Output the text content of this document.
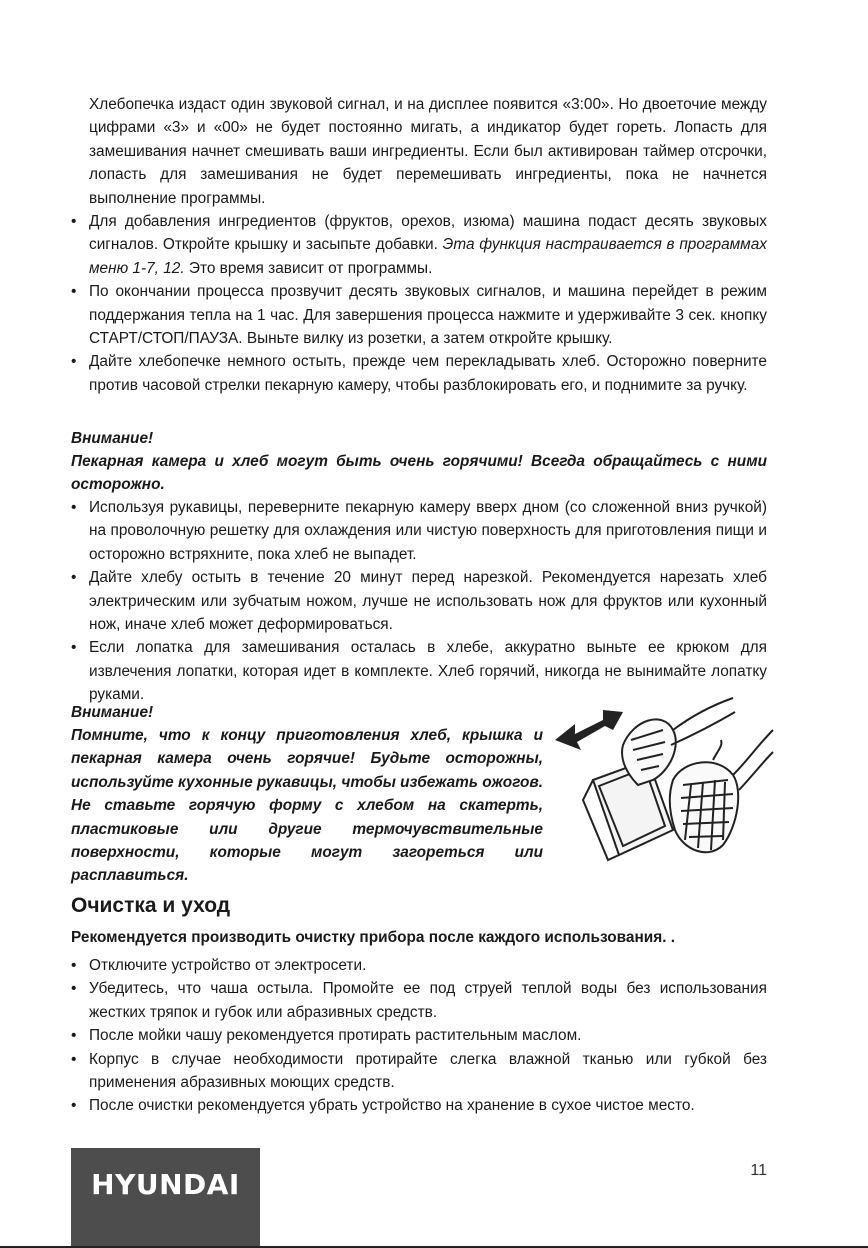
Хлебопечка издаст один звуковой сигнал, и на дисплее появится «3:00». Но двоеточие между цифрами «3» и «00» не будет постоянно мигать, а индикатор будет гореть. Лопасть для замешивания начнет смешивать ваши ингредиенты. Если был активирован таймер отсрочки, лопасть для замешивания не будет перемешивать ингредиенты, пока не начнется выполнение программы.

• Для добавления ингредиентов (фруктов, орехов, изюма) машина подаст десять звуковых сигналов. Откройте крышку и засыпьте добавки. Эта функция настраивается в программах меню 1-7, 12. Это время зависит от программы.
• По окончании процесса прозвучит десять звуковых сигналов, и машина перейдет в режим поддержания тепла на 1 час. Для завершения процесса нажмите и удерживайте 3 сек. кнопку СТАРТ/СТОП/ПАУЗА. Выньте вилку из розетки, а затем откройте крышку.
• Дайте хлебопечке немного остыть, прежде чем перекладывать хлеб. Осторожно поверните против часовой стрелки пекарную камеру, чтобы разблокировать его, и поднимите за ручку.

Внимание!

Пекарная камера и хлеб могут быть очень горячими! Всегда обращайтесь с ними осторожно.

• Используя рукавицы, переверните пекарную камеру вверх дном (со сложенной вниз ручкой) на проволочную решетку для охлаждения или чистую поверхность для приготовления пищи и осторожно встряхните, пока хлеб не выпадет.
• Дайте хлебу остыть в течение 20 минут перед нарезкой. Рекомендуется нарезать хлеб электрическим или зубчатым ножом, лучше не использовать нож для фруктов или кухонный нож, иначе хлеб может деформироваться.
• Если лопатка для замешивания осталась в хлебе, аккуратно выньте ее крюком для извлечения лопатки, которая идет в комплекте. Хлеб горячий, никогда не вынимайте лопатку руками.

Внимание!

Помните, что к концу приготовления хлеб, крышка и пекарная камера очень горячие! Будьте осторожны, используйте кухонные рукавицы, чтобы избежать ожогов. Не ставьте горячую форму с хлебом на скатерть, пластиковые или другие термочувствительные поверхности, которые могут загореться или расплавиться.

Очистка и уход

Рекомендуется производить очистку прибора после каждого использования. .

• Отключите устройство от электросети.
• Убедитесь, что чаша остыла. Промойте ее под струей теплой воды без использования жестких тряпок и губок или абразивных средств.
• После мойки чашу рекомендуется протирать растительным маслом.
• Корпус в случае необходимости протирайте слегка влажной тканью или губкой без применения абразивных моющих средств.
• После очистки рекомендуется убрать устройство на хранение в сухое чистое место.
HYUNDAI	11
